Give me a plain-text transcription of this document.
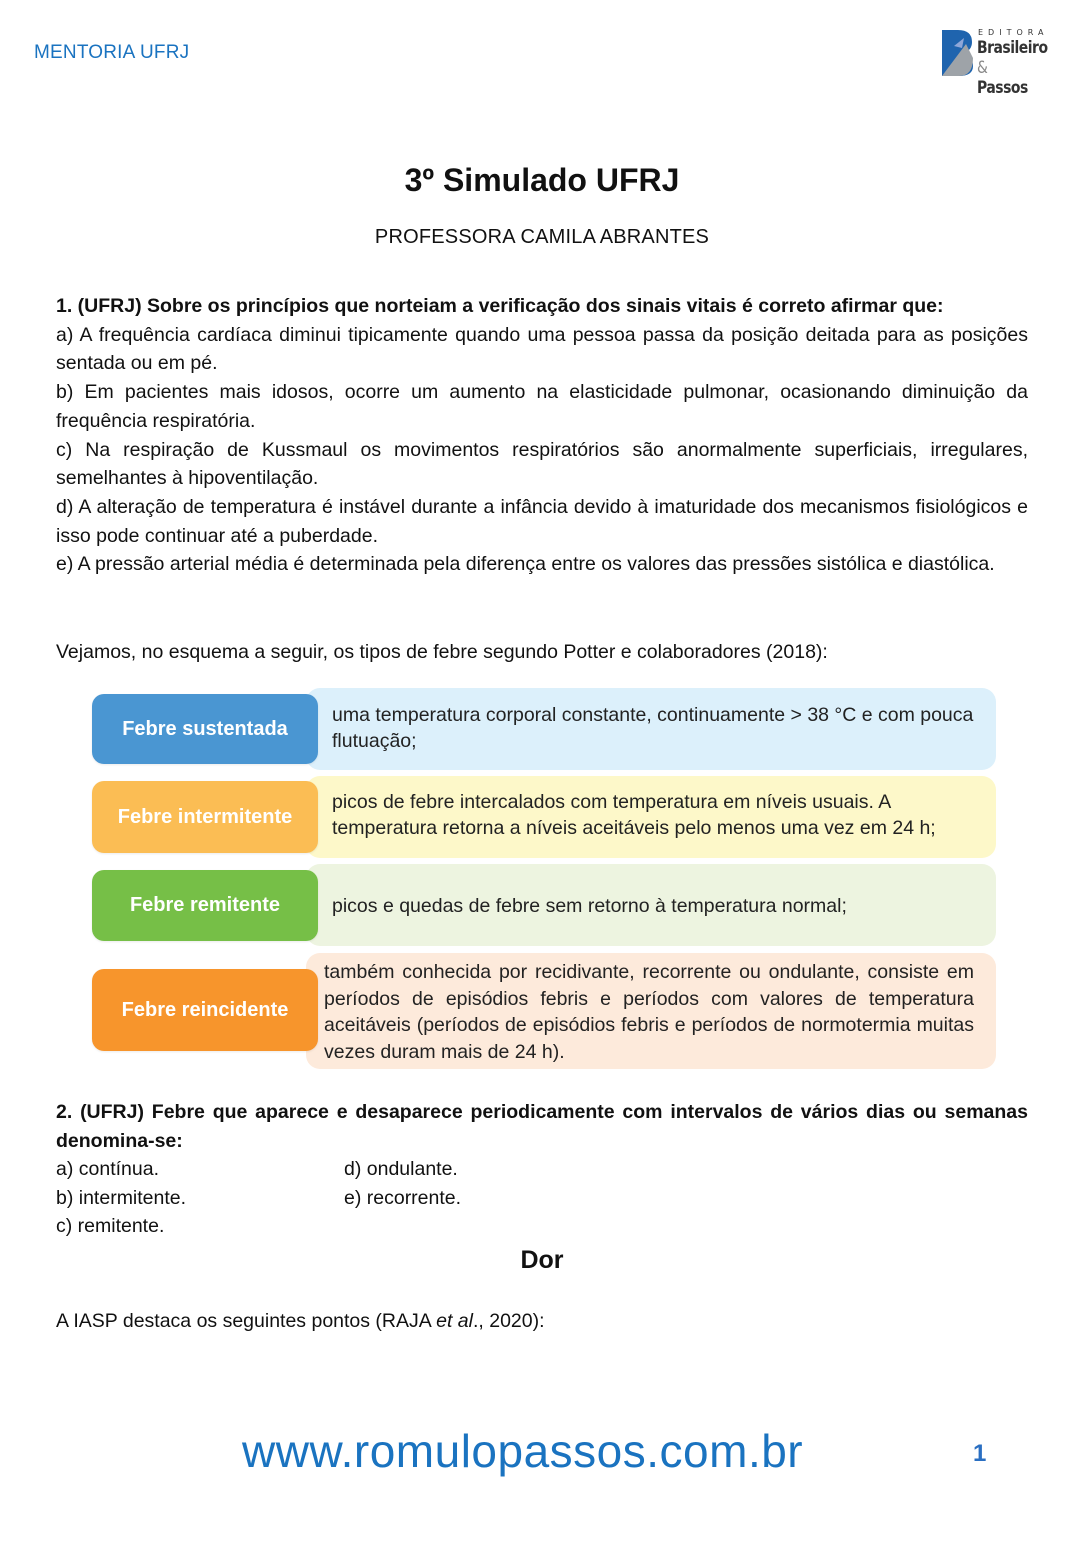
MENTORIA UFRJ
EDITORA
Brasileiro
& Passos
3º Simulado UFRJ
PROFESSORA CAMILA ABRANTES
1. (UFRJ) Sobre os princípios que norteiam a verificação dos sinais vitais é correto afirmar que:
a) A frequência cardíaca diminui tipicamente quando uma pessoa passa da posição deitada para as posições sentada ou em pé.
b) Em pacientes mais idosos, ocorre um aumento na elasticidade pulmonar, ocasionando diminuição da frequência respiratória.
c) Na respiração de Kussmaul os movimentos respiratórios são anormalmente superficiais, irregulares, semelhantes à hipoventilação.
d) A alteração de temperatura é instável durante a infância devido à imaturidade dos mecanismos fisiológicos e isso pode continuar até a puberdade.
e) A pressão arterial média é determinada pela diferença entre os valores das pressões sistólica e diastólica.
Vejamos, no esquema a seguir, os tipos de febre segundo Potter e colaboradores (2018):
Febre sustentada
uma temperatura corporal constante, continuamente > 38 °C e com pouca flutuação;
Febre intermitente
picos de febre intercalados com temperatura em níveis usuais. A temperatura retorna a níveis aceitáveis pelo menos uma vez em 24 h;
Febre remitente	picos e quedas de febre sem retorno à temperatura normal;
Febre reincidente
também conhecida por recidivante, recorrente ou ondulante, consiste em períodos de episódios febris e períodos com valores de temperatura aceitáveis (períodos de episódios febris e períodos de normotermia muitas vezes duram mais de 24 h).
2. (UFRJ) Febre que aparece e desaparece periodicamente com intervalos de vários dias ou semanas denomina-se:
a) contínua.	d) ondulante.
b) intermitente.	e) recorrente.
c) remitente.
Dor
A IASP destaca os seguintes pontos (RAJA et al., 2020):
www.romulopassos.com.br	1
